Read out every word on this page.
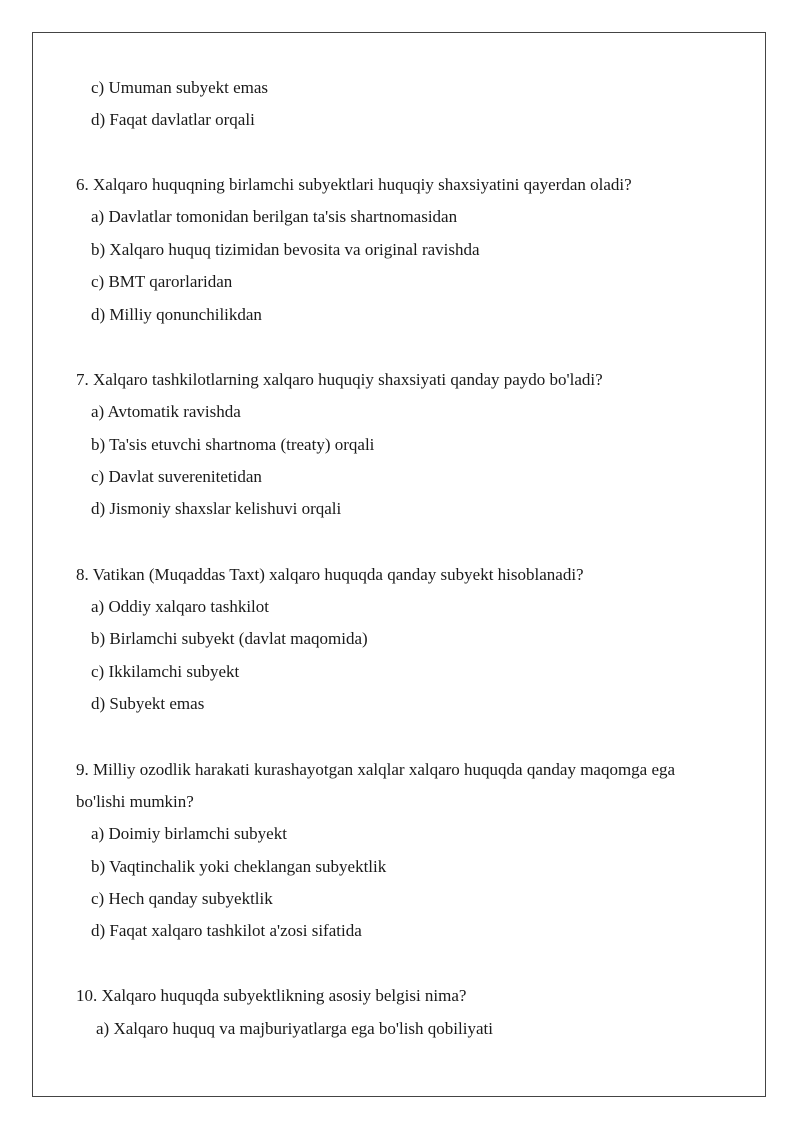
c) Umuman subyekt emas
d) Faqat davlatlar orqali
6. Xalqaro huquqning birlamchi subyektlari huquqiy shaxsiyatini qayerdan oladi?
a) Davlatlar tomonidan berilgan ta'sis shartnomasidan
b) Xalqaro huquq tizimidan bevosita va original ravishda
c) BMT qarorlaridan
d) Milliy qonunchilikdan
7. Xalqaro tashkilotlarning xalqaro huquqiy shaxsiyati qanday paydo bo'ladi?
a) Avtomatik ravishda
b) Ta'sis etuvchi shartnoma (treaty) orqali
c) Davlat suverenitetidan
d) Jismoniy shaxslar kelishuvi orqali
8. Vatikan (Muqaddas Taxt) xalqaro huquqda qanday subyekt hisoblanadi?
a) Oddiy xalqaro tashkilot
b) Birlamchi subyekt (davlat maqomida)
c) Ikkilamchi subyekt
d) Subyekt emas
9. Milliy ozodlik harakati kurashayotgan xalqlar xalqaro huquqda qanday maqomga ega
bo'lishi mumkin?
a) Doimiy birlamchi subyekt
b) Vaqtinchalik yoki cheklangan subyektlik
c) Hech qanday subyektlik
d) Faqat xalqaro tashkilot a'zosi sifatida
10. Xalqaro huquqda subyektlikning asosiy belgisi nima?
a) Xalqaro huquq va majburiyatlarga ega bo'lish qobiliyati
